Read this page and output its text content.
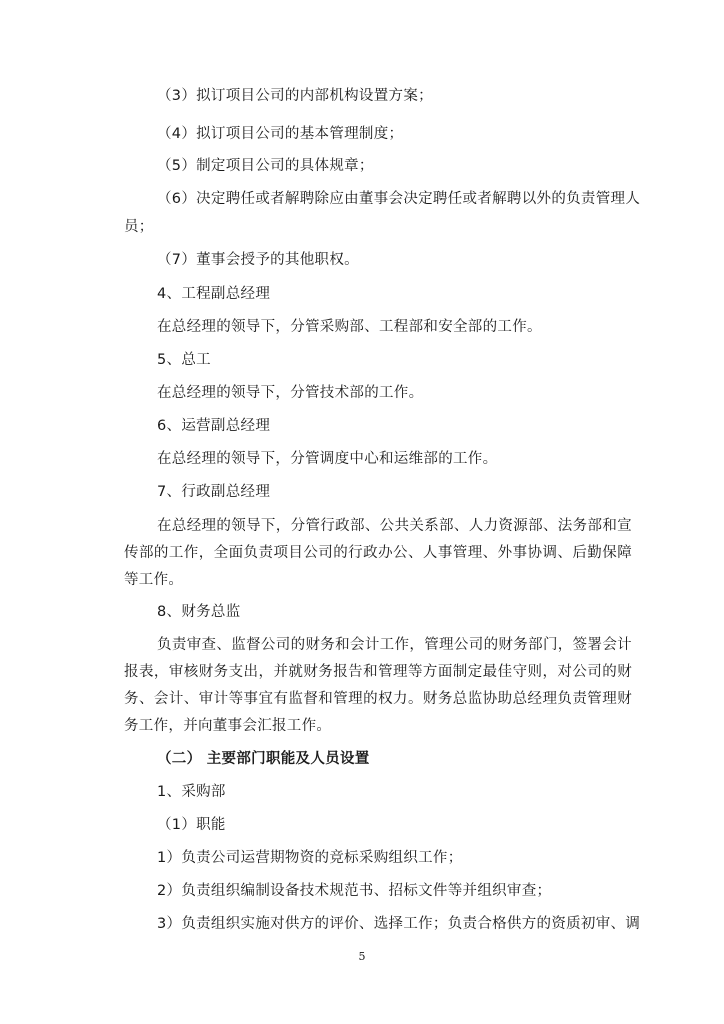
（3）拟订项目公司的内部机构设置方案；
（4）拟订项目公司的基本管理制度；
（5）制定项目公司的具体规章；
（6）决定聘任或者解聘除应由董事会决定聘任或者解聘以外的负责管理人
员；
（7）董事会授予的其他职权。
4、工程副总经理
在总经理的领导下，分管采购部、工程部和安全部的工作。
5、总工
在总经理的领导下，分管技术部的工作。
6、运营副总经理
在总经理的领导下，分管调度中心和运维部的工作。
7、行政副总经理
在总经理的领导下，分管行政部、公共关系部、人力资源部、法务部和宣
传部的工作，全面负责项目公司的行政办公、人事管理、外事协调、后勤保障
等工作。
8、财务总监
负责审查、监督公司的财务和会计工作，管理公司的财务部门，签署会计
报表，审核财务支出，并就财务报告和管理等方面制定最佳守则，对公司的财
务、会计、审计等事宜有监督和管理的权力。财务总监协助总经理负责管理财
务工作，并向董事会汇报工作。
（二） 主要部门职能及人员设置
1、采购部
（1）职能
1）负责公司运营期物资的竞标采购组织工作；
2）负责组织编制设备技术规范书、招标文件等并组织审查；
3）负责组织实施对供方的评价、选择工作；负责合格供方的资质初审、调
5
